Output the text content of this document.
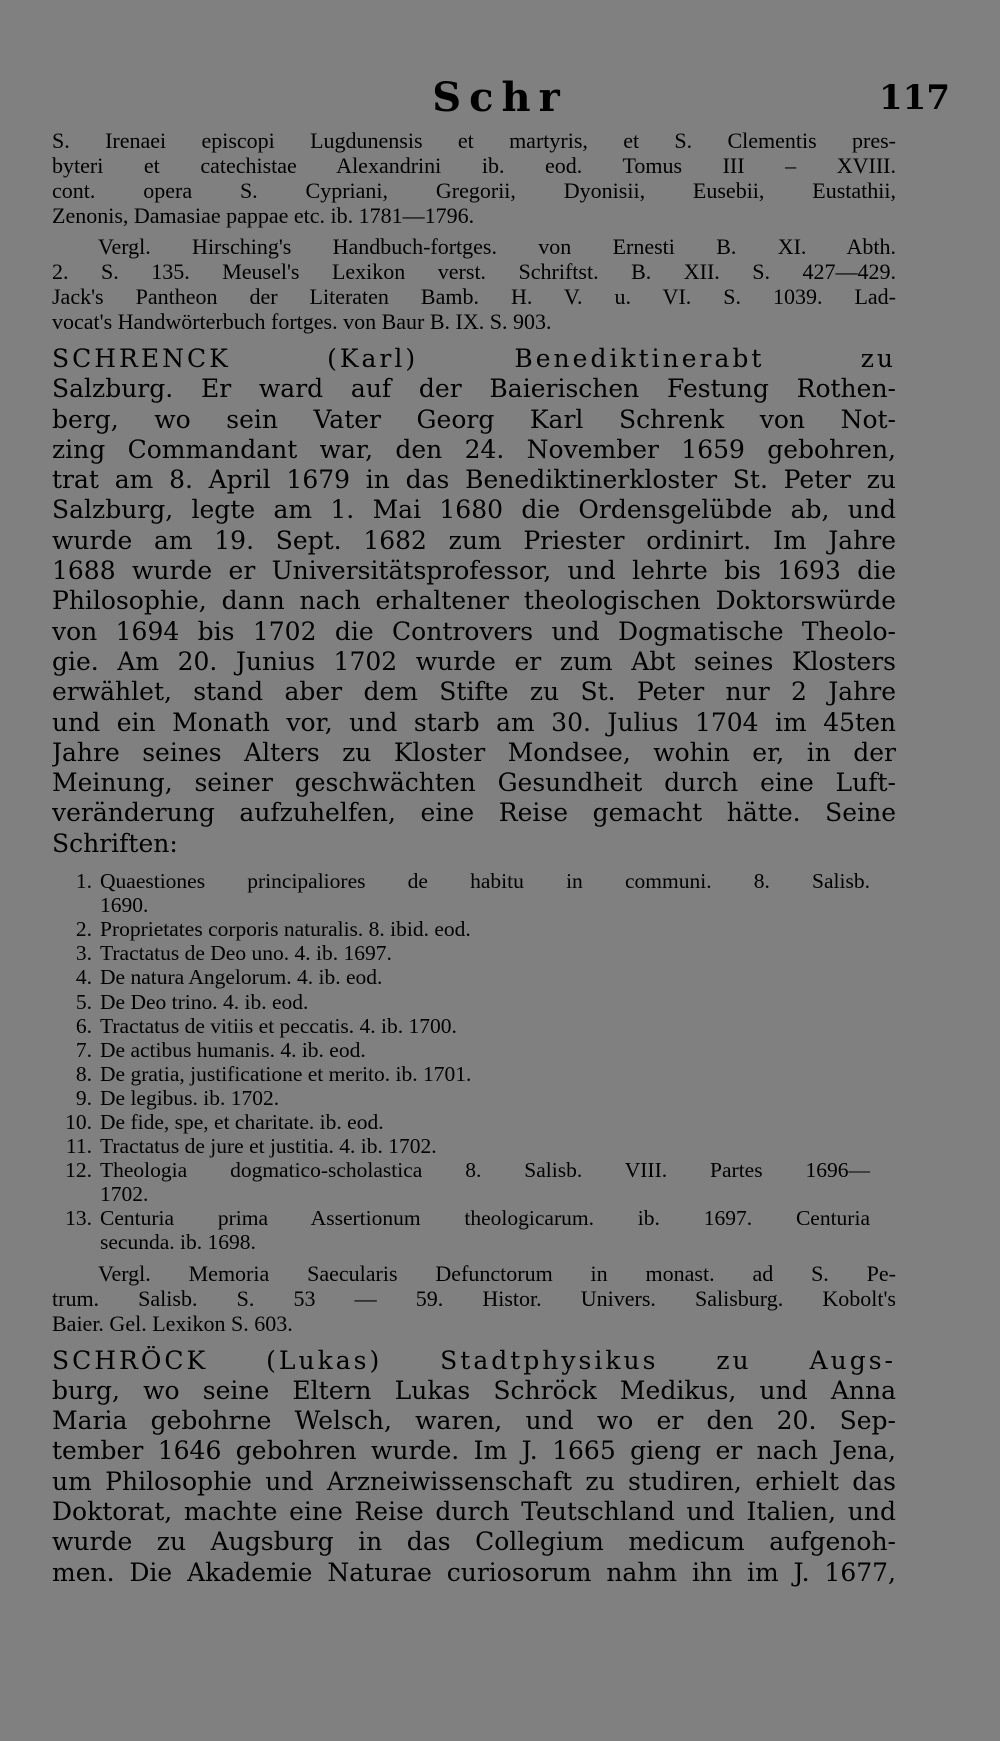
Schr	117
S. Irenaei episcopi Lugdunensis et martyris, et S. Clementis pres-
byteri et catechistae Alexandrini ib. eod. Tomus III – XVIII.
cont. opera S. Cypriani, Gregorii, Dyonisii, Eusebii, Eustathii,
Zenonis, Damasiae pappae etc. ib. 1781—1796.
Vergl. Hirsching's Handbuch-fortges. von Ernesti B. XI. Abth.
2. S. 135. Meusel's Lexikon verst. Schriftst. B. XII. S. 427—429.
Jack's Pantheon der Literaten Bamb. H. V. u. VI. S. 1039. Lad-
vocat's Handwörterbuch fortges. von Baur B. IX. S. 903.
SCHRENCK (Karl) Benediktinerabt zu
Salzburg. Er ward auf der Baierischen Festung Rothen-
berg, wo sein Vater Georg Karl Schrenk von Not-
zing Commandant war, den 24. November 1659 gebohren,
trat am 8. April 1679 in das Benediktinerkloster St. Peter zu
Salzburg, legte am 1. Mai 1680 die Ordensgelübde ab, und
wurde am 19. Sept. 1682 zum Priester ordinirt. Im Jahre
1688 wurde er Universitätsprofessor, und lehrte bis 1693 die
Philosophie, dann nach erhaltener theologischen Doktorswürde
von 1694 bis 1702 die Controvers und Dogmatische Theolo-
gie. Am 20. Junius 1702 wurde er zum Abt seines Klosters
erwählet, stand aber dem Stifte zu St. Peter nur 2 Jahre
und ein Monath vor, und starb am 30. Julius 1704 im 45ten
Jahre seines Alters zu Kloster Mondsee, wohin er, in der
Meinung, seiner geschwächten Gesundheit durch eine Luft-
veränderung aufzuhelfen, eine Reise gemacht hätte. Seine
Schriften:
1. Quaestiones principaliores de habitu in communi. 8. Salisb.
1690.
2. Proprietates corporis naturalis. 8. ibid. eod.
3. Tractatus de Deo uno. 4. ib. 1697.
4. De natura Angelorum. 4. ib. eod.
5. De Deo trino. 4. ib. eod.
6. Tractatus de vitiis et peccatis. 4. ib. 1700.
7. De actibus humanis. 4. ib. eod.
8. De gratia, justificatione et merito. ib. 1701.
9. De legibus. ib. 1702.
10. De fide, spe, et charitate. ib. eod.
11. Tractatus de jure et justitia. 4. ib. 1702.
12. Theologia dogmatico-scholastica 8. Salisb. VIII. Partes 1696—
1702.
13. Centuria prima Assertionum theologicarum. ib. 1697. Centuria
secunda. ib. 1698.
Vergl. Memoria Saecularis Defunctorum in monast. ad S. Pe-
trum. Salisb. S. 53 — 59. Histor. Univers. Salisburg. Kobolt's
Baier. Gel. Lexikon S. 603.
SCHRÖCK (Lukas) Stadtphysikus zu Augs-
burg, wo seine Eltern Lukas Schröck Medikus, und Anna
Maria gebohrne Welsch, waren, und wo er den 20. Sep-
tember 1646 gebohren wurde. Im J. 1665 gieng er nach Jena,
um Philosophie und Arzneiwissenschaft zu studiren, erhielt das
Doktorat, machte eine Reise durch Teutschland und Italien, und
wurde zu Augsburg in das Collegium medicum aufgenoh-
men. Die Akademie Naturae curiosorum nahm ihn im J. 1677,
